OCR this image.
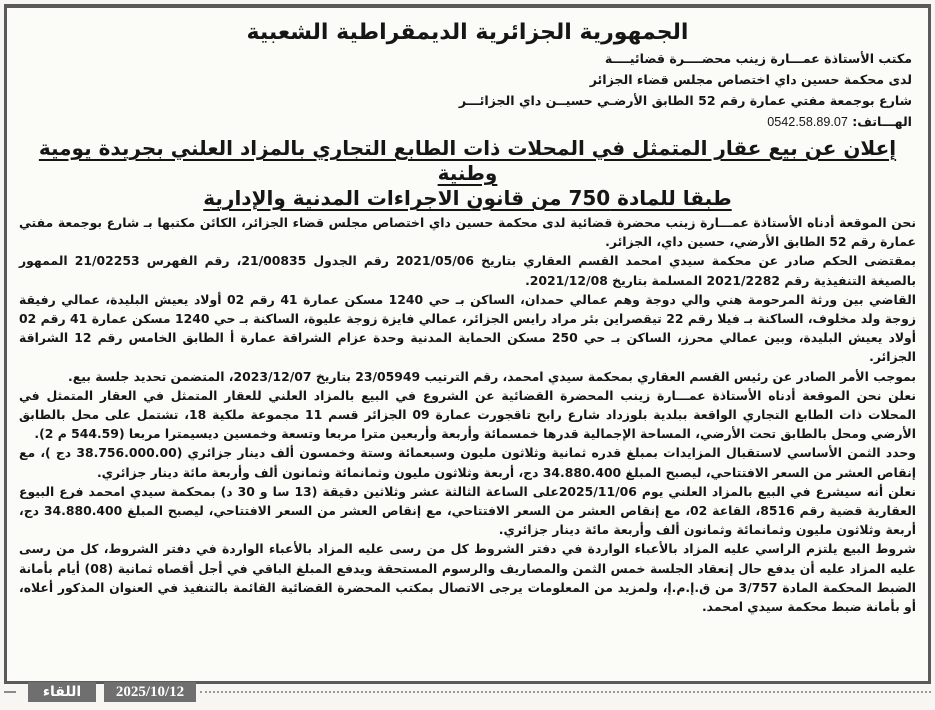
الجمهورية الجزائرية الديمقراطية الشعبية
مكتب الأستاذة عمـــارة زينب محضــــرة قضائيــــة
لدى محكمة حسين داي اختصاص مجلس قضاء الجزائر
شارع بوجمعة مفتي عمارة رقم 52 الطابق الأرضـي حسيــن داي الجزائـــر
الهـــاتف: 0542.58.89.07
إعلان عن بيع عقار المتمثل في المحلات ذات الطابع التجاري بالمزاد العلني بجريدة يومية وطنية
طبقا للمادة 750 من قانون الاجراءات المدنية والإدارية

نحن الموقعة أدناه الأستاذة عمـــارة زينب محضرة قضائية لدى محكمة حسين داي اختصاص مجلس قضاء الجزائر، الكائن مكتبها بـ شارع بوجمعة مفتي عمارة رقم 52 الطابق الأرضي، حسين داي، الجزائر.

بمقتضى الحكم صادر عن محكمة سيدي امحمد القسم العقاري بتاريخ 2021/05/06 رقم الجدول 21/00835، رقم الفهرس 21/02253 الممهور بالصيغة التنفيذية رقم 2021/2282 المسلمة بتاريخ 2021/12/08.

القاضي بين ورثة المرحومة هني والي دوجة وهم عمالي حمدان، الساكن بـ حي 1240 مسكن عمارة 41 رقم 02 أولاد يعيش البليدة، عمالي رفيقة زوجة ولد مخلوف، الساكنة بـ فيلا رقم 22 تيقصراين بئر مراد رايس الجزائر، عمالي فايزة زوجة عليوة، الساكنة بـ حي 1240 مسكن عمارة 41 رقم 02 أولاد يعيش البليدة، وبين عمالي محرز، الساكن بـ حي 250 مسكن الحماية المدنية وحدة عزام الشراقة عمارة أ الطابق الخامس رقم 12 الشراقة الجزائر.

بموجب الأمر الصادر عن رئيس القسم العقاري بمحكمة سيدي امحمد، رقم الترتيب 23/05949 بتاريخ 2023/12/07، المتضمن تحديد جلسة بيع.

نعلن نحن الموقعة أدناه الأستاذة عمـــارة زينب المحضرة القضائية عن الشروع في البيع بالمزاد العلني للعقار المتمثل في العقار المتمثل في المحلات ذات الطابع التجاري الواقعة ببلدية بلوزداد شارع رابح تاقجورت عمارة 09 الجزائر قسم 11 مجموعة ملكية 18، تشتمل على محل بالطابق الأرضي ومحل بالطابق تحت الأرضي، المساحة الإجمالية قدرها خمسمائة وأربعة وأربعين مترا مربعا وتسعة وخمسين ديسيمترا مربعا (544.59 م 2).

وحدد الثمن الأساسي لاستقبال المزايدات بمبلغ قدره ثمانية وثلاثون مليون وسبعمائة وستة وخمسون ألف دينار جزائري (38.756.000.00 دج )، مع إنقاص العشر من السعر الافتتاحي، ليصبح المبلغ 34.880.400 دج، أربعة وثلاثون مليون وثمانمائة وثمانون ألف وأربعة مائة دينار جزائري.

نعلن أنه سيشرع في البيع بالمزاد العلني يوم 2025/11/06على الساعة الثالثة عشر وثلاثين دقيقة (13 سا و 30 د) بمحكمة سيدي امحمد فرع البيوع العقارية قضية رقم 8516، القاعة 02، مع إنقاص العشر من السعر الافتتاحي، مع إنقاص العشر من السعر الافتتاحي، ليصبح المبلغ 34.880.400 دج، أربعة وثلاثون مليون وثمانمائة وثمانون ألف وأربعة مائة دينار جزائري.

شروط البيع يلتزم الراسي عليه المزاد بالأعباء الواردة في دفتر الشروط كل من رسى عليه المزاد بالأعباء الواردة في دفتر الشروط، كل من رسى عليه المزاد عليه أن يدفع حال إنعقاد الجلسة خمس الثمن والمصاريف والرسوم المستحقة ويدفع المبلغ الباقي في أجل أقصاه ثمانية (08) أيام بأمانة الضبط المحكمة المادة 3/757 من ق.إ.م.إ، ولمزيد من المعلومات يرجى الاتصال بمكتب المحضرة القضائية القائمة بالتنفيذ في العنوان المذكور أعلاه، أو بأمانة ضبط محكمة سيدي امحمد.

اللقاء	2025/10/12
